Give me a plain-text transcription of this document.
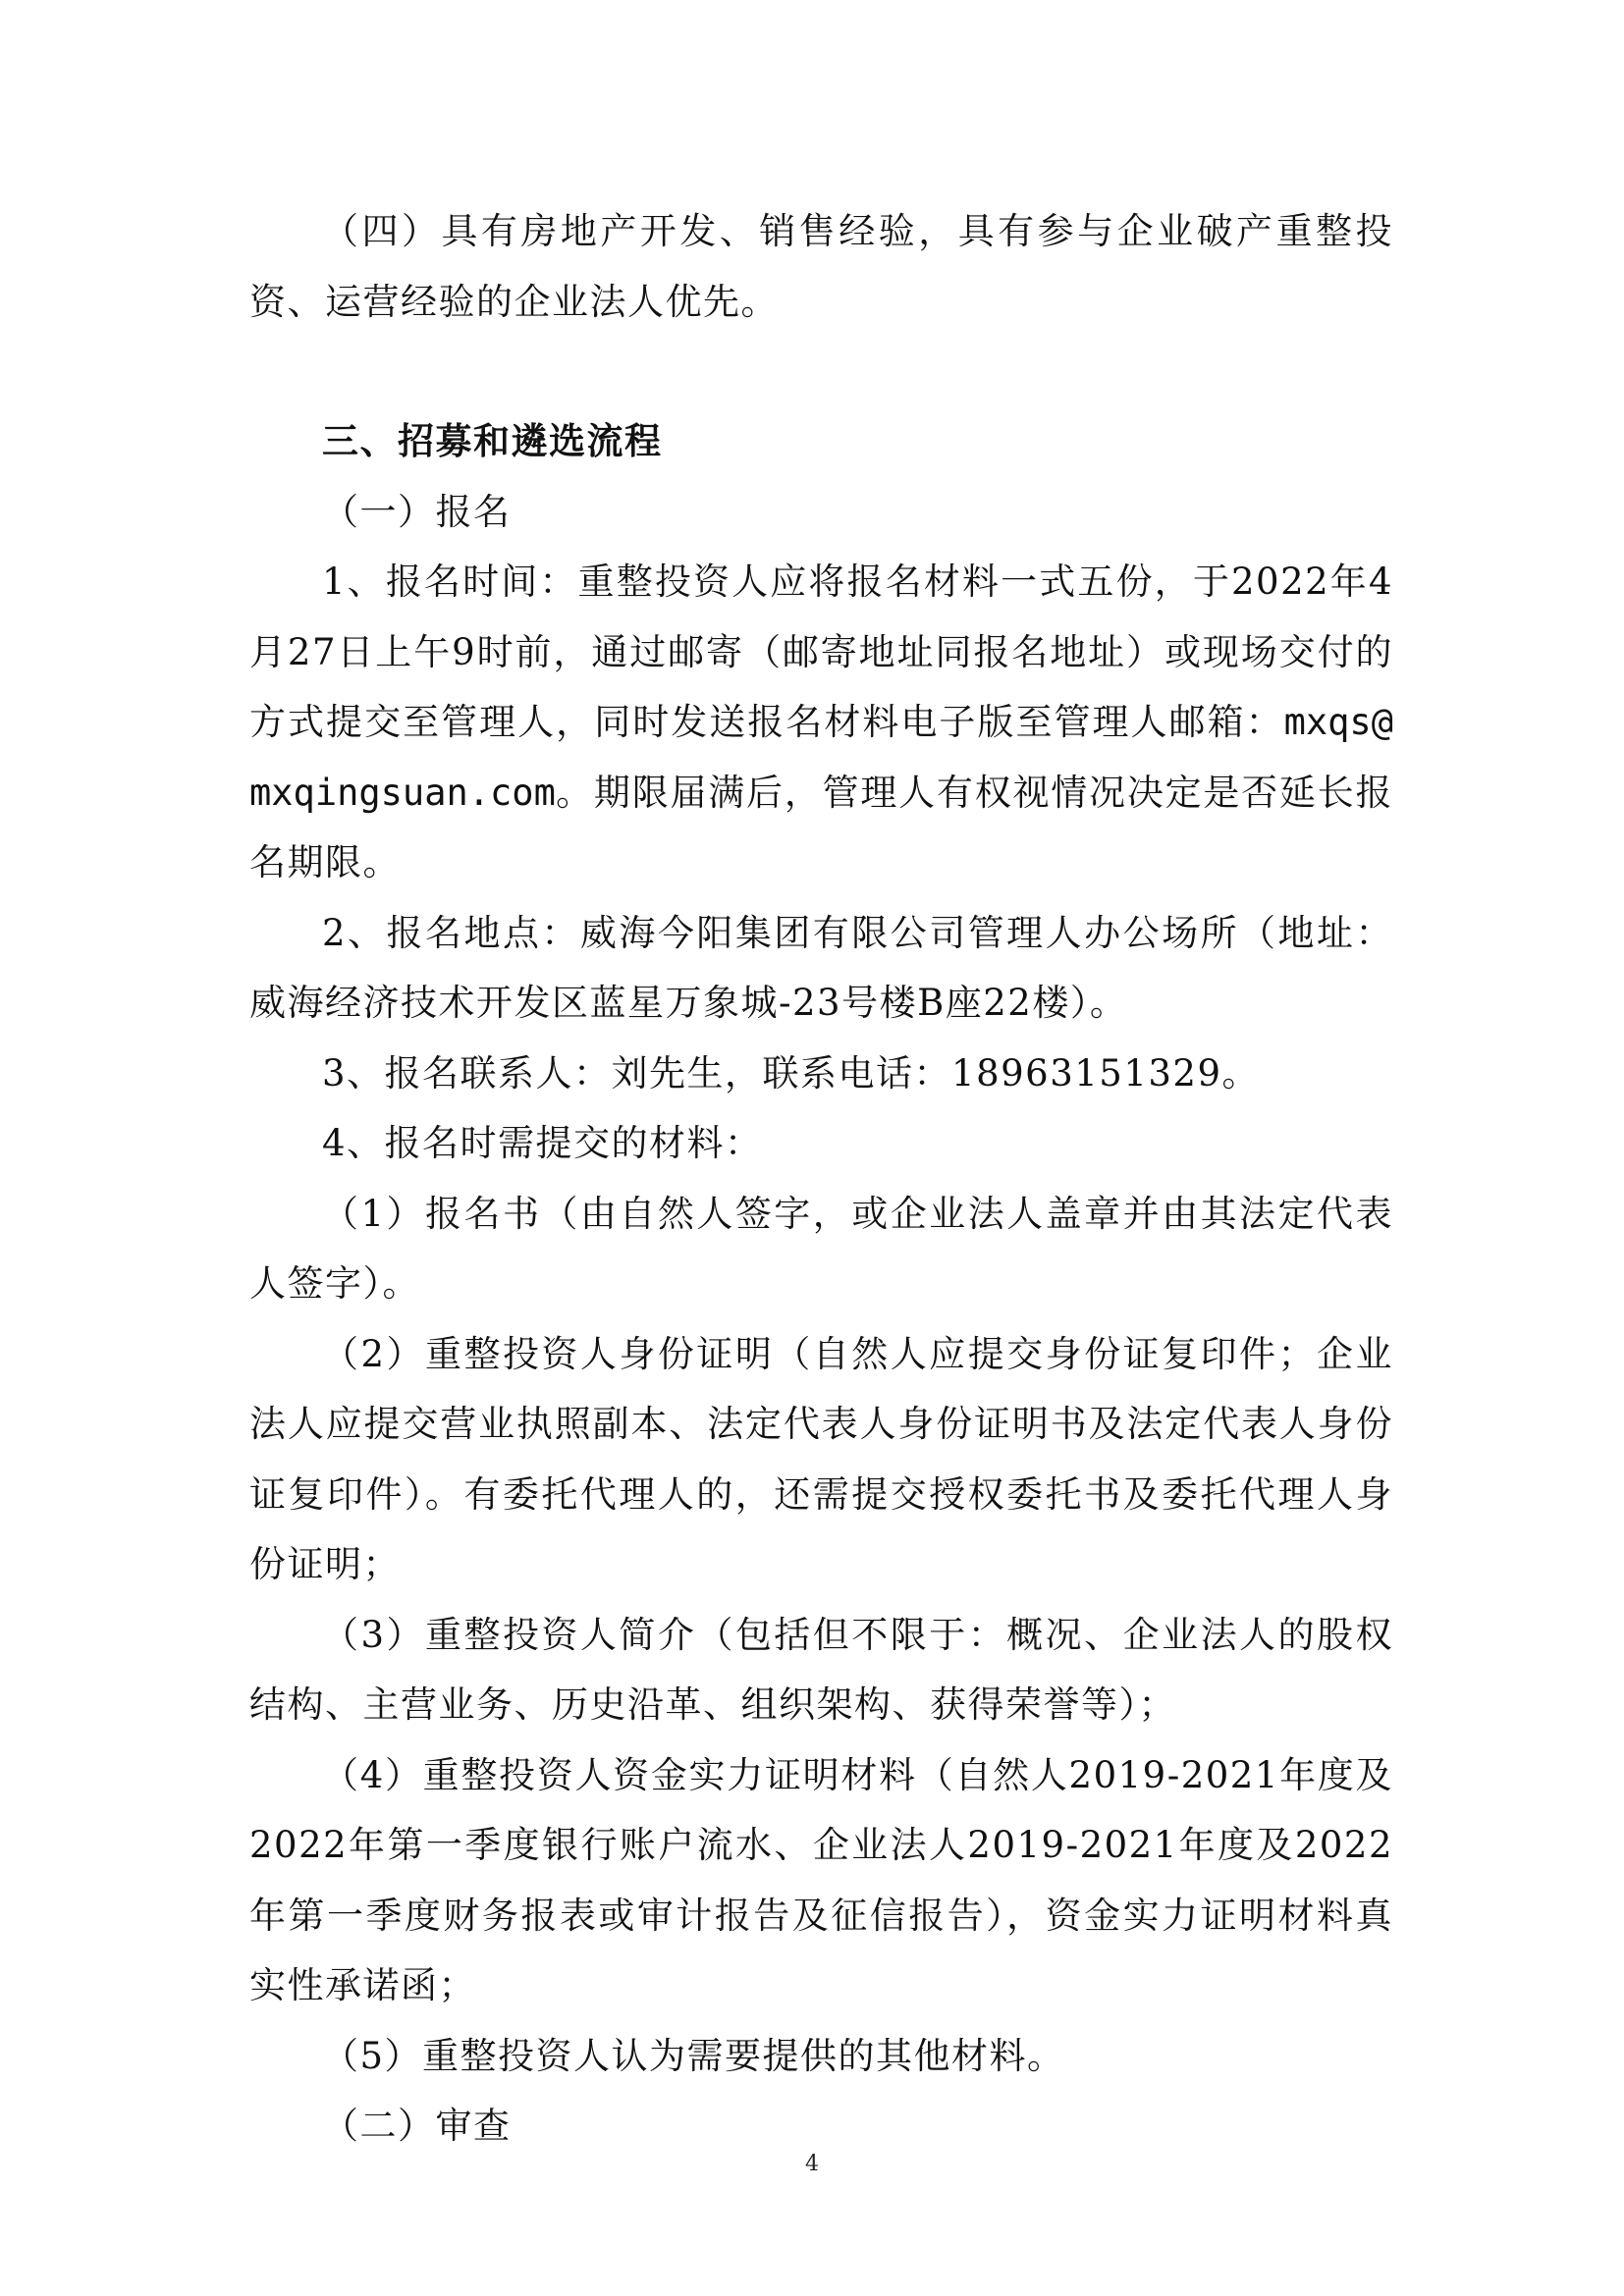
（四）具有房地产开发、销售经验，具有参与企业破产重整投资、运营经验的企业法人优先。

三、招募和遴选流程

（一）报名

1、报名时间：重整投资人应将报名材料一式五份，于2022年4月27日上午9时前，通过邮寄（邮寄地址同报名地址）或现场交付的方式提交至管理人，同时发送报名材料电子版至管理人邮箱：mxqs@mxqingsuan.com。期限届满后，管理人有权视情况决定是否延长报名期限。

2、报名地点：威海今阳集团有限公司管理人办公场所（地址：威海经济技术开发区蓝星万象城-23号楼B座22楼）。

3、报名联系人：刘先生，联系电话：18963151329。

4、报名时需提交的材料：

（1）报名书（由自然人签字，或企业法人盖章并由其法定代表人签字）。

（2）重整投资人身份证明（自然人应提交身份证复印件；企业法人应提交营业执照副本、法定代表人身份证明书及法定代表人身份证复印件）。有委托代理人的，还需提交授权委托书及委托代理人身份证明；

（3）重整投资人简介（包括但不限于：概况、企业法人的股权结构、主营业务、历史沿革、组织架构、获得荣誉等）；

（4）重整投资人资金实力证明材料（自然人2019-2021年度及2022年第一季度银行账户流水、企业法人2019-2021年度及2022年第一季度财务报表或审计报告及征信报告），资金实力证明材料真实性承诺函；

（5）重整投资人认为需要提供的其他材料。

（二）审查

4
